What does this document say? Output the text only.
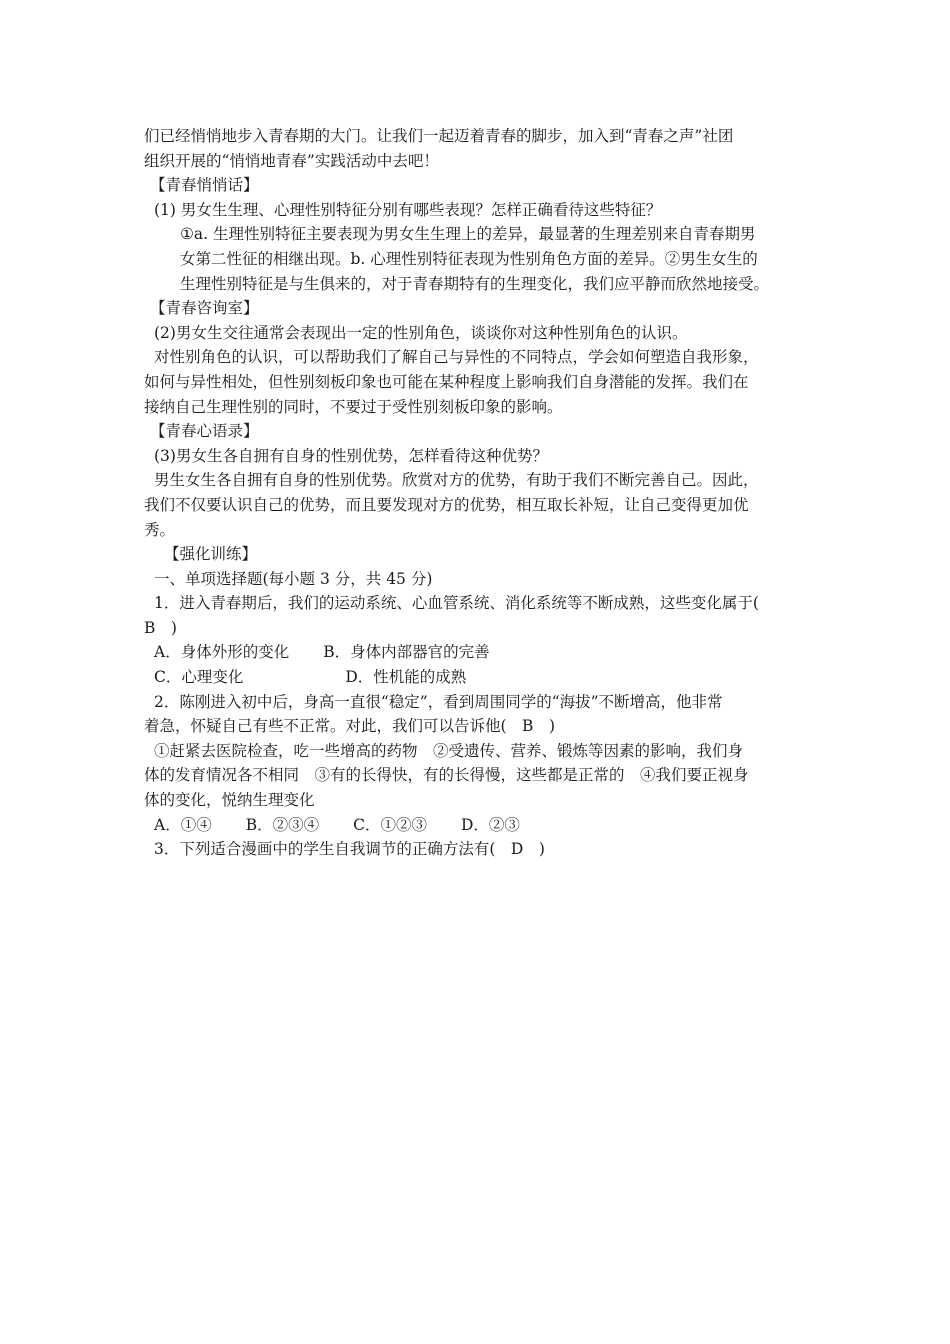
们已经悄悄地步入青春期的大门。让我们一起迈着青春的脚步，加入到“青春之声”社团
组织开展的“悄悄地青春”实践活动中去吧！
【青春悄悄话】
(1) 男女生生理、心理性别特征分别有哪些表现？怎样正确看待这些特征？
①a. 生理性别特征主要表现为男女生生理上的差异，最显著的生理差别来自青春期男
女第二性征的相继出现。b. 心理性别特征表现为性别角色方面的差异。②男生女生的
生理性别特征是与生俱来的，对于青春期特有的生理变化，我们应平静而欣然地接受。
【青春咨询室】
(2)男女生交往通常会表现出一定的性别角色，谈谈你对这种性别角色的认识。
对性别角色的认识，可以帮助我们了解自己与异性的不同特点，学会如何塑造自我形象，
如何与异性相处，但性别刻板印象也可能在某种程度上影响我们自身潜能的发挥。我们在
接纳自己生理性别的同时，不要过于受性别刻板印象的影响。
【青春心语录】
(3)男女生各自拥有自身的性别优势，怎样看待这种优势？
男生女生各自拥有自身的性别优势。欣赏对方的优势，有助于我们不断完善自己。因此，
我们不仅要认识自己的优势，而且要发现对方的优势，相互取长补短，让自己变得更加优
秀。
【强化训练】
一、单项选择题(每小题 3 分，共 45 分)
1．进入青春期后，我们的运动系统、心血管系统、消化系统等不断成熟，这些变化属于(
B　)
A．身体外形的变化 B．身体内部器官的完善
C．心理变化	D．性机能的成熟
2．陈刚进入初中后，身高一直很“稳定”，看到周围同学的“海拔”不断增高，他非常
着急，怀疑自己有些不正常。对此，我们可以告诉他(　B　)
①赶紧去医院检查，吃一些增高的药物　②受遗传、营养、锻炼等因素的影响，我们身
体的发育情况各不相同　③有的长得快，有的长得慢，这些都是正常的　④我们要正视身
体的变化，悦纳生理变化
A．①④ B．②③④ C．①②③ D．②③
3．下列适合漫画中的学生自我调节的正确方法有(　D　)
